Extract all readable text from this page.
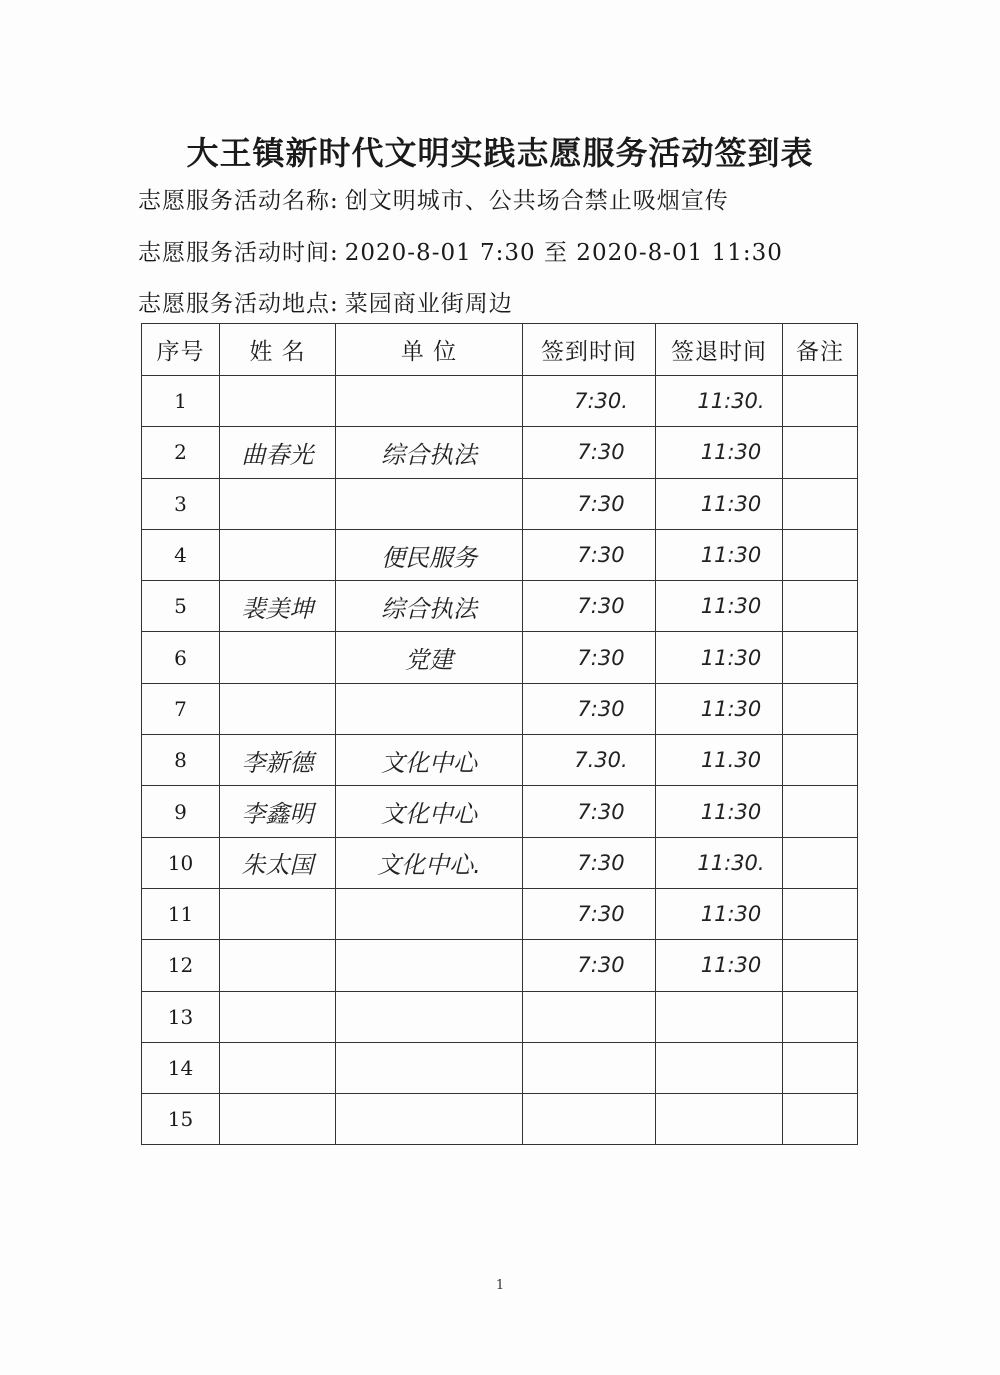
大王镇新时代文明实践志愿服务活动签到表
志愿服务活动名称: 创文明城市、公共场合禁止吸烟宣传
志愿服务活动时间: 2020-8-01 7:30 至 2020-8-01 11:30
志愿服务活动地点: 菜园商业街周边
序号	姓 名	单 位	签到时间	签退时间	备注
1			7:30.	11:30.	
2	曲春光	综合执法	7:30	11:30	
3			7:30	11:30	
4		便民服务	7:30	11:30	
5	裴美坤	综合执法	7:30	11:30	
6		党建	7:30	11:30	
7			7:30	11:30	
8	李新德	文化中心	7.30.	11.30	
9	李鑫明	文化中心	7:30	11:30	
10	朱太国	文化中心.	7:30	11:30.	
11			7:30	11:30	
12			7:30	11:30	
13					
14					
15					
1
